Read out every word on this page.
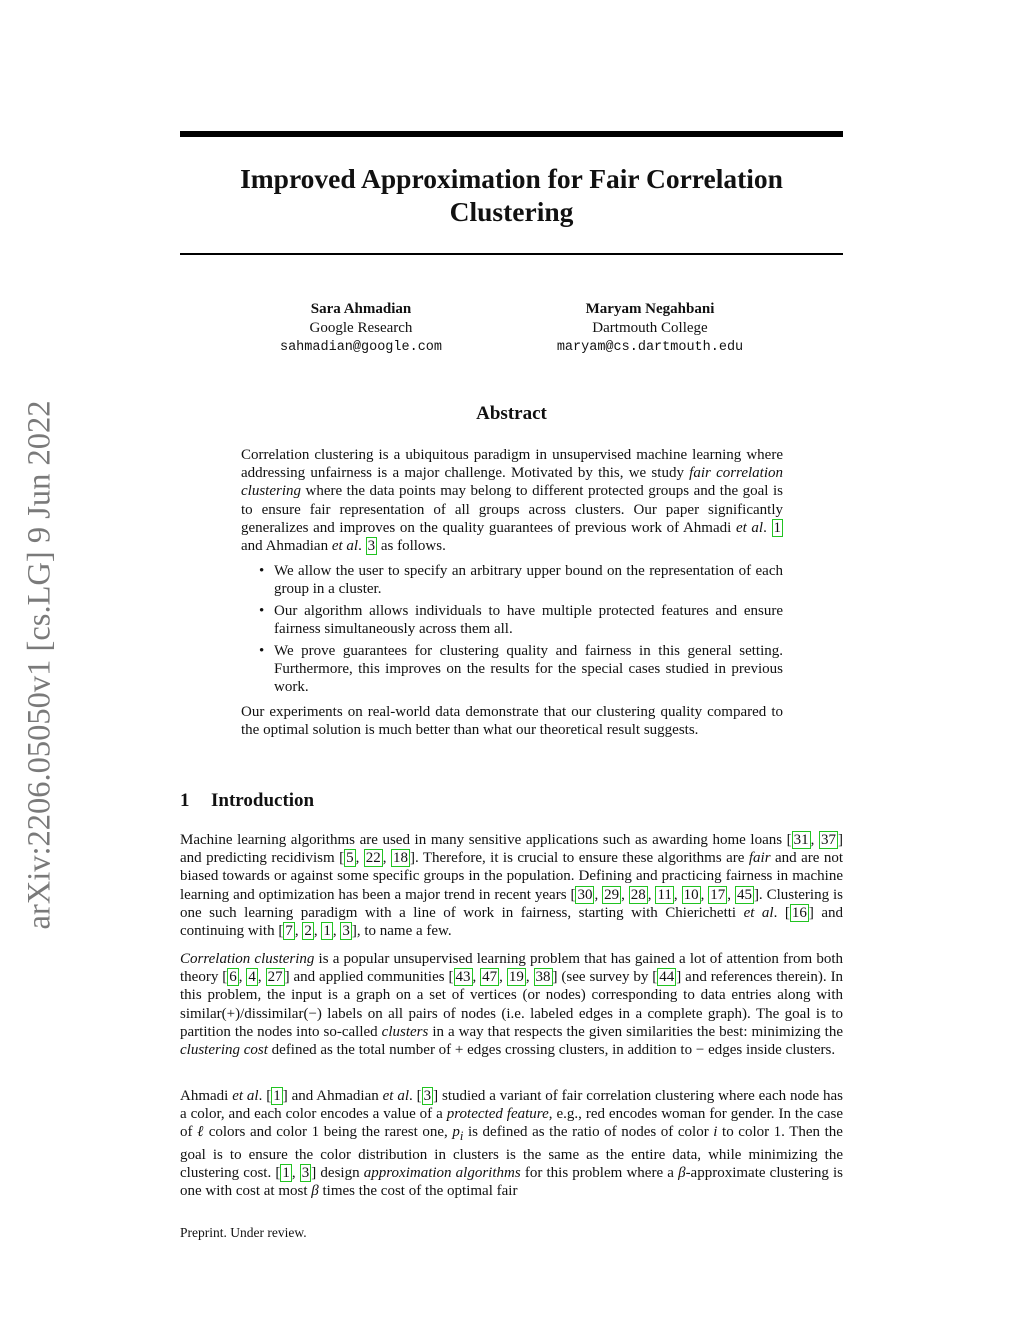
arXiv:2206.05050v1 [cs.LG] 9 Jun 2022
Improved Approximation for Fair Correlation Clustering
Sara Ahmadian
Google Research
sahmadian@google.com
Maryam Negahbani
Dartmouth College
maryam@cs.dartmouth.edu
Abstract
Correlation clustering is a ubiquitous paradigm in unsupervised machine learning where addressing unfairness is a major challenge. Motivated by this, we study fair correlation clustering where the data points may belong to different protected groups and the goal is to ensure fair representation of all groups across clusters. Our paper significantly generalizes and improves on the quality guarantees of previous work of Ahmadi et al. 1 and Ahmadian et al. 3 as follows.
• We allow the user to specify an arbitrary upper bound on the representation of each group in a cluster.
• Our algorithm allows individuals to have multiple protected features and ensure fairness simultaneously across them all.
• We prove guarantees for clustering quality and fairness in this general setting. Furthermore, this improves on the results for the special cases studied in previous work.
Our experiments on real-world data demonstrate that our clustering quality compared to the optimal solution is much better than what our theoretical result suggests.
1 Introduction
Machine learning algorithms are used in many sensitive applications such as awarding home loans [ 31 , 37 ] and predicting recidivism [ 5 , 22 , 18 ]. Therefore, it is crucial to ensure these algorithms are fair and are not biased towards or against some specific groups in the population. Defining and practicing fairness in machine learning and optimization has been a major trend in recent years [ 30 , 29 , 28 , 11 , 10 , 17 , 45 ]. Clustering is one such learning paradigm with a line of work in fairness, starting with Chierichetti et al. [ 16 ] and continuing with [ 7 , 2 , 1 , 3 ], to name a few.
Correlation clustering is a popular unsupervised learning problem that has gained a lot of attention from both theory [ 6 , 4 , 27 ] and applied communities [ 43 , 47 , 19 , 38 ] (see survey by [ 44 ] and references therein). In this problem, the input is a graph on a set of vertices (or nodes) corresponding to data entries along with similar(+)/dissimilar(−) labels on all pairs of nodes (i.e. labeled edges in a complete graph). The goal is to partition the nodes into so-called clusters in a way that respects the given similarities the best: minimizing the clustering cost defined as the total number of + edges crossing clusters, in addition to − edges inside clusters.
Ahmadi et al. [ 1 ] and Ahmadian et al. [ 3 ] studied a variant of fair correlation clustering where each node has a color, and each color encodes a value of a protected feature, e.g., red encodes woman for gender. In the case of ℓ colors and color 1 being the rarest one, $p_i$ is defined as the ratio of nodes of color i to color 1. Then the goal is to ensure the color distribution in clusters is the same as the entire data, while minimizing the clustering cost. [ 1 , 3 ] design approximation algorithms for this problem where a β-approximate clustering is one with cost at most β times the cost of the optimal fair
Preprint. Under review.
